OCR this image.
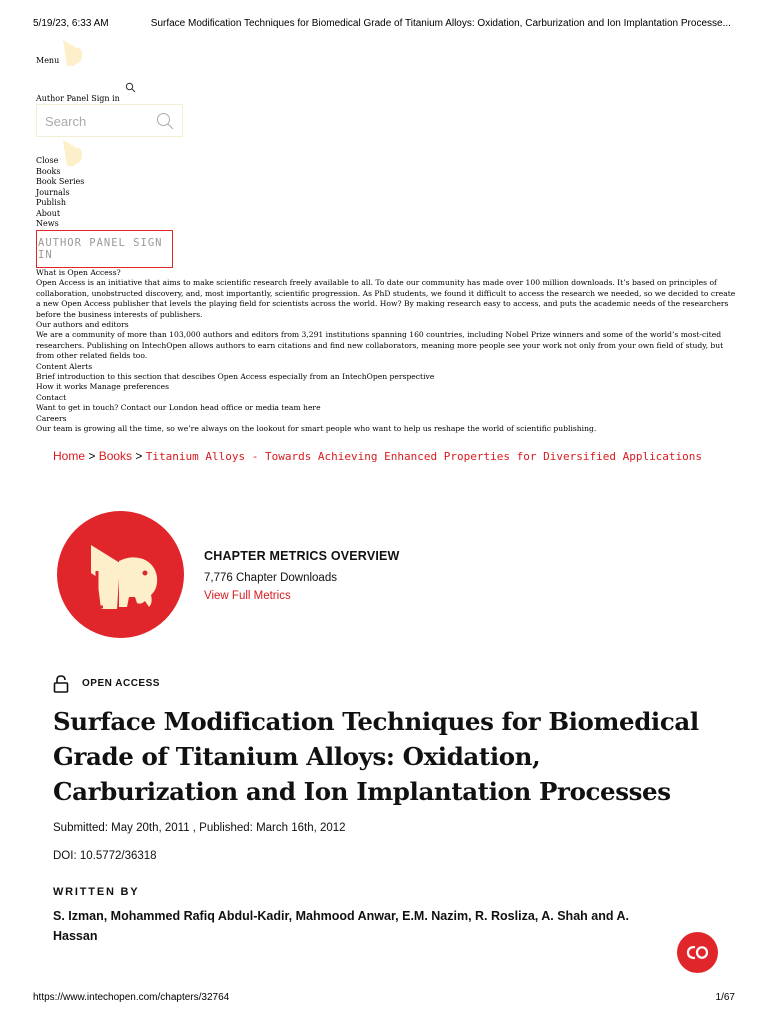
5/19/23, 6:33 AM	Surface Modification Techniques for Biomedical Grade of Titanium Alloys: Oxidation, Carburization and Ion Implantation Processe...
Menu
Author Panel Sign in
Search
Close
Books
Book Series
Journals
Publish
About
News
AUTHOR PANEL SIGN IN
What is Open Access?
Open Access is an initiative that aims to make scientific research freely available to all. To date our community has made over 100 million downloads. It’s based on principles of collaboration, unobstructed discovery, and, most importantly, scientific progression. As PhD students, we found it difficult to access the research we needed, so we decided to create a new Open Access publisher that levels the playing field for scientists across the world. How? By making research easy to access, and puts the academic needs of the researchers before the business interests of publishers.
Our authors and editors
We are a community of more than 103,000 authors and editors from 3,291 institutions spanning 160 countries, including Nobel Prize winners and some of the world’s most-cited researchers. Publishing on IntechOpen allows authors to earn citations and find new collaborators, meaning more people see your work not only from your own field of study, but from other related fields too.
Content Alerts
Brief introduction to this section that descibes Open Access especially from an IntechOpen perspective
How it works Manage preferences
Contact
Want to get in touch? Contact our London head office or media team here
Careers
Our team is growing all the time, so we’re always on the lookout for smart people who want to help us reshape the world of scientific publishing.
Home > Books > Titanium Alloys - Towards Achieving Enhanced Properties for Diversified Applications
CHAPTER METRICS OVERVIEW
7,776 Chapter Downloads
View Full Metrics
OPEN ACCESS
Surface Modification Techniques for Biomedical Grade of Titanium Alloys: Oxidation, Carburization and Ion Implantation Processes
Submitted: May 20th, 2011 , Published: March 16th, 2012
DOI: 10.5772/36318
WRITTEN BY
S. Izman, Mohammed Rafiq Abdul-Kadir, Mahmood Anwar, E.M. Nazim, R. Rosliza, A. Shah and A. Hassan
https://www.intechopen.com/chapters/32764	1/67
